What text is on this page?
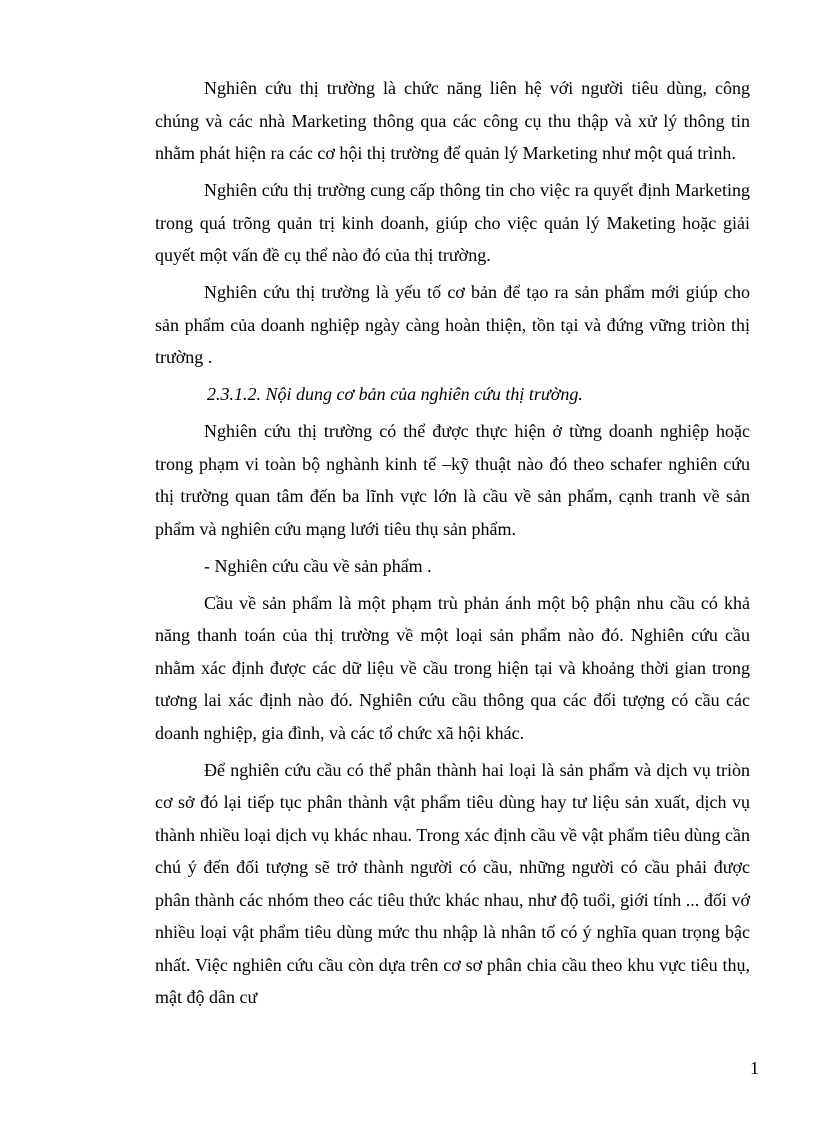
Nghiên cứu thị trường là chức năng liên hệ với người tiêu dùng, công chúng và các nhà Marketing thông qua các công cụ thu thập và xử lý thông tin nhằm phát hiện ra các cơ hội thị trường để quản lý Marketing như một quá trình.

Nghiên cứu thị trường cung cấp thông tin cho việc ra quyết định Marketing trong quá trõng quản trị kinh doanh, giúp cho việc quản lý Maketing hoặc giải quyết một vấn đề cụ thể nào đó của thị trường.

Nghiên cứu thị trường là yếu tố cơ bản để tạo ra sản phẩm mới giúp cho sản phẩm của doanh nghiệp ngày càng hoàn thiện, tồn tại và đứng vững triòn thị trường .

2.3.1.2. Nội dung cơ bản của nghiên cứu thị trường.

Nghiên cứu thị trường có thể được thực hiện ở từng doanh nghiệp hoặc trong phạm vi toàn bộ nghành kinh tế –kỹ thuật nào đó theo schafer nghiên cứu thị trường quan tâm đến ba lĩnh vực lớn là cầu về sản phẩm, cạnh tranh về sản phẩm và nghiên cứu mạng lưới tiêu thụ sản phẩm.

- Nghiên cứu cầu về sản phẩm .

Cầu về sản phẩm là một phạm trù phản ánh một bộ phận nhu cầu có khả năng thanh toán của thị trường về một loại sản phẩm nào đó. Nghiên cứu cầu nhằm xác định được các dữ liệu về cầu trong hiện tại và khoảng thời gian trong tương lai xác định nào đó. Nghiên cứu cầu thông qua các đối tượng có cầu các doanh nghiệp, gia đình, và các tổ chức xã hội khác.

Để nghiên cứu cầu có thể phân thành hai loại là sản phẩm và dịch vụ triòn cơ sở đó lại tiếp tục phân thành vật phẩm tiêu dùng hay tư liệu sản xuất, dịch vụ thành nhiều loại dịch vụ khác nhau. Trong xác định cầu về vật phẩm tiêu dùng cần chú ý đến đối tượng sẽ trở thành người có cầu, những người có cầu phải được phân thành các nhóm theo các tiêu thức khác nhau, như độ tuổi, giới tính ... đối vớ nhiều loại vật phẩm tiêu dùng mức thu nhập là nhân tố có ý nghĩa quan trọng bậc nhất. Việc nghiên cứu cầu còn dựa trên cơ sơ phân chia cầu theo khu vực tiêu thụ, mật độ dân cư

1
